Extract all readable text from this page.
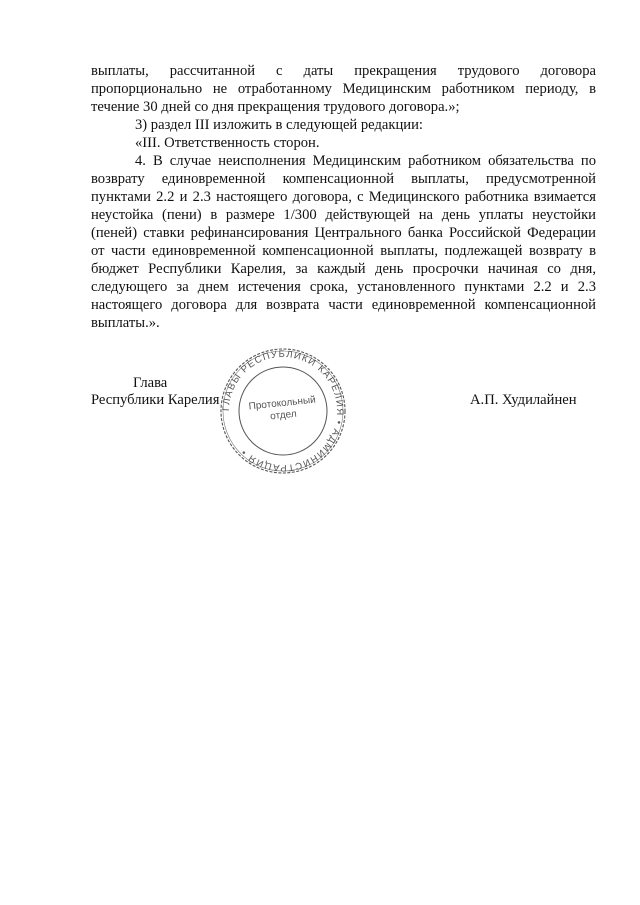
выплаты, рассчитанной с даты прекращения трудового договора пропорционально не отработанному Медицинским работником периоду, в течение 30 дней со дня прекращения трудового договора.»;

3) раздел III изложить в следующей редакции:

«III. Ответственность сторон.

4. В случае неисполнения Медицинским работником обязательства по возврату единовременной компенсационной выплаты, предусмотренной пунктами 2.2 и 2.3 настоящего договора, с Медицинского работника взимается неустойка (пени) в размере 1/300 действующей на день уплаты неустойки (пеней) ставки рефинансирования Центрального банка Российской Федерации от части единовременной компенсационной выплаты, подлежащей возврату в бюджет Республики Карелия, за каждый день просрочки начиная со дня, следующего за днем истечения срока, установленного пунктами 2.2 и 2.3 настоящего договора для возврата части единовременной компенсационной выплаты.».

ГЛАВЫ РЕСПУБЛИКИ КАРЕЛИЯ • АДМИНИСТРАЦИЯ •
Протокольный
отдел
Глава
Республики Карелия	А.П. Худилайнен
